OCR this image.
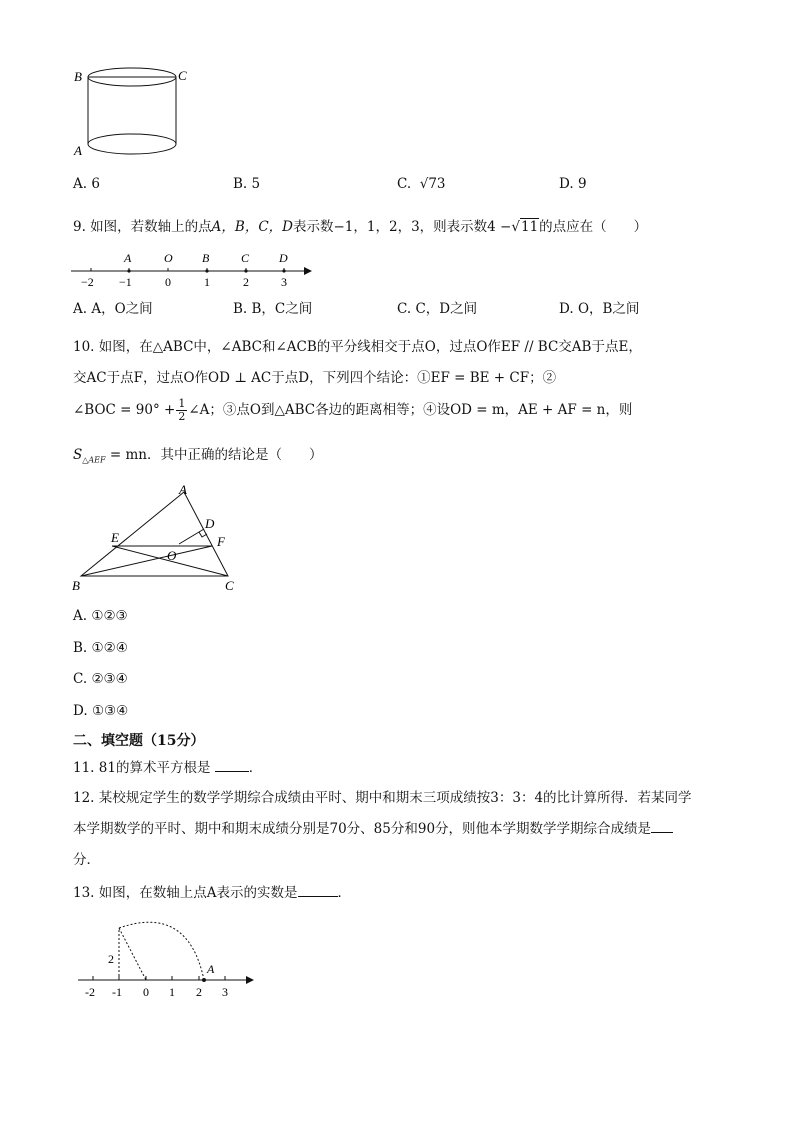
B	C
A
A. 6	B. 5	C. √73	D. 9
9. 如图，若数轴上的点A，B，C，D表示数−1，1，2，3，则表示数4 −√11的点应在（　　）
A	O B	C D
−2 −1	0	1	2	3
A. A，O之间	B. B，C之间	C. C，D之间	D. O，B之间
10. 如图，在△ABC中，∠ABC和∠ACB的平分线相交于点O，过点O作EF // BC交AB于点E，
交AC于点F，过点O作OD ⊥ AC于点D，下列四个结论：①EF = BE + CF；②
∠BOC = $90^\circ + \frac{1}{2}$ ∠A；③点O到△ABC各边的距离相等；④设OD = m，AE + AF = n，则
$S_{\triangle AEF}$ = mn．其中正确的结论是（　　）
A
B	C
D
E	F
O
A. ①②③
B. ①②④
C. ②③④
D. ①③④
二、填空题（15分）
11. 81的算术平方根是	．
12. 某校规定学生的数学学期综合成绩由平时、期中和期末三项成绩按3：3：4的比计算所得．若某同学
本学期数学的平时、期中和期末成绩分别是70分、85分和90分，则他本学期数学学期综合成绩是
分．
13. 如图，在数轴上点A表示的实数是	．
2
A
-2 -1 0 1 2 3
